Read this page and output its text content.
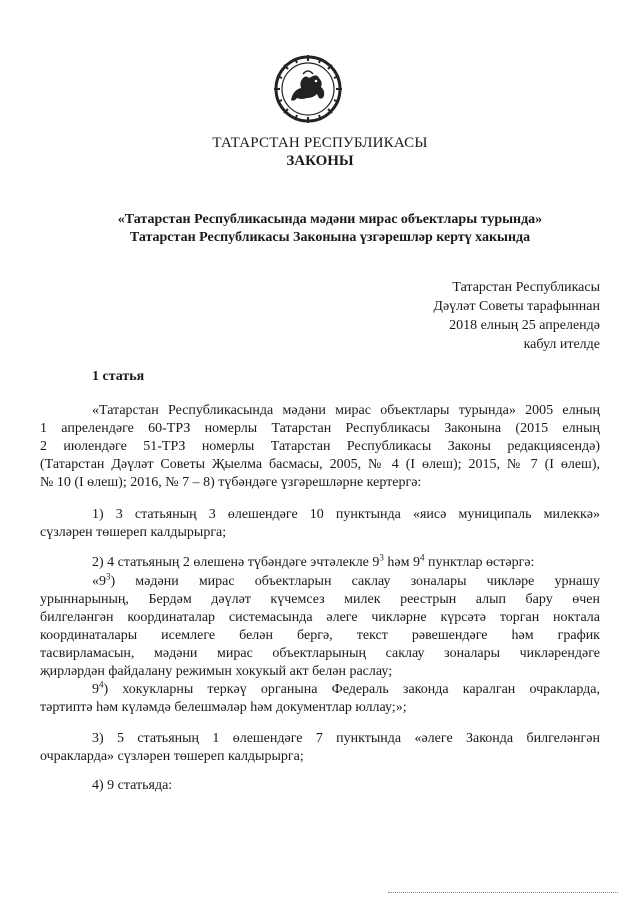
ТАТАРСТАН РЕСПУБЛИКАСЫ
ЗАКОНЫ
«Татарстан Республикасында мәдәни мирас объектлары турында»
Татарстан Республикасы Законына үзгәрешләр кертү хакында
Татарстан Республикасы
Дәүләт Советы тарафыннан
2018 елның 25 апрелендә
кабул ителде
1 статья
«Татарстан Республикасында мәдәни мирас объектлары турында» 2005 елның
1 апрелендәге 60-ТРЗ номерлы Татарстан Республикасы Законына (2015 елның
2 июлендәге 51-ТРЗ номерлы Татарстан Республикасы Законы редакциясендә)
(Татарстан Дәүләт Советы Җыелма басмасы, 2005, № 4 (I өлеш); 2015, № 7 (I өлеш),
№ 10 (I өлеш); 2016, № 7 – 8) түбәндәге үзгәрешләрне кертергә:
1) 3 статьяның 3 өлешендәге 10 пунктында «яисә муниципаль милеккә»
сүзләрен төшереп калдырырга;
2) 4 статьяның 2 өлешенә түбәндәге эчтәлекле $9^3$ һәм $9^4$ пунктлар өстәргә:
«$9^3$) мәдәни мирас объектларын саклау зоналары чикләре урнашу
урыннарының, Бердәм дәүләт күчемсез милек реестрын алып бару өчен
билгеләнгән координаталар системасында әлеге чикләрне күрсәтә торган ноктала
координаталары исемлеге белән бергә, текст рәвешендәге һәм график
тасвирламасын, мәдәни мирас объектларының саклау зоналары чикләрендәге
җирләрдән файдалану режимын хокукый акт белән раслау;
$9^4$) хокукларны теркәү органына Федераль законда каралган очракларда,
тәртиптә һәм күләмдә белешмәләр һәм документлар юллау;»;
3) 5 статьяның 1 өлешендәге 7 пунктында «әлеге Законда билгеләнгән
очракларда» сүзләрен төшереп калдырырга;
4) 9 статьяда:
